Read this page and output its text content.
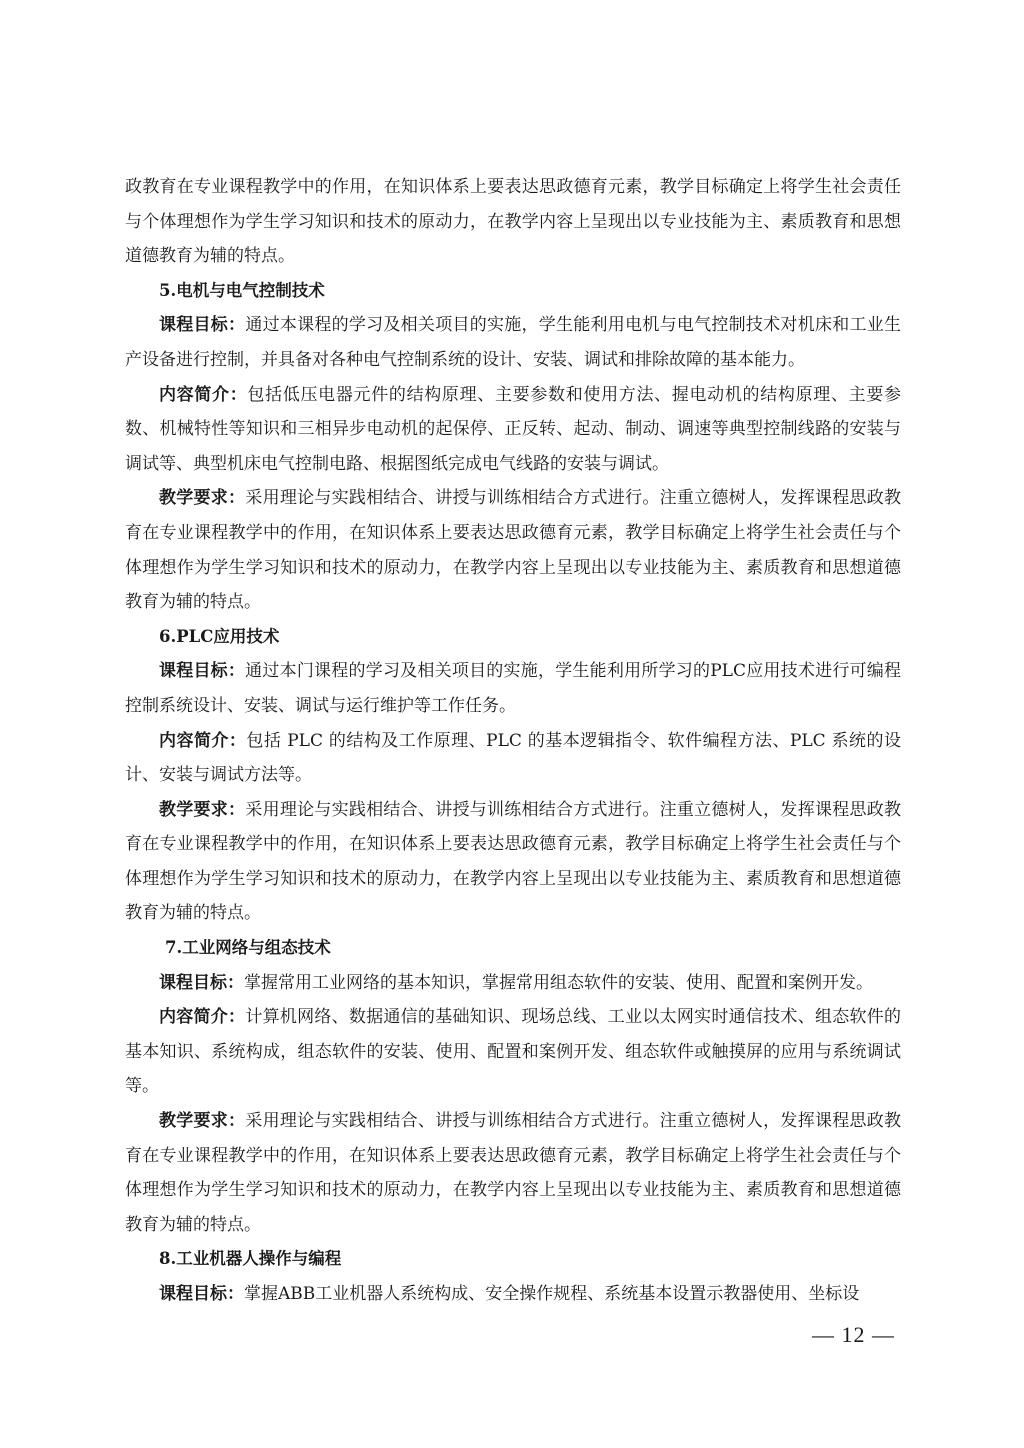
政教育在专业课程教学中的作用，在知识体系上要表达思政德育元素，教学目标确定上将学生社会责任与个体理想作为学生学习知识和技术的原动力，在教学内容上呈现出以专业技能为主、素质教育和思想道德教育为辅的特点。

5.电机与电气控制技术

课程目标：通过本课程的学习及相关项目的实施，学生能利用电机与电气控制技术对机床和工业生产设备进行控制，并具备对各种电气控制系统的设计、安装、调试和排除故障的基本能力。

内容简介：包括低压电器元件的结构原理、主要参数和使用方法、握电动机的结构原理、主要参数、机械特性等知识和三相异步电动机的起保停、正反转、起动、制动、调速等典型控制线路的安装与调试等、典型机床电气控制电路、根据图纸完成电气线路的安装与调试。

教学要求：采用理论与实践相结合、讲授与训练相结合方式进行。注重立德树人，发挥课程思政教育在专业课程教学中的作用，在知识体系上要表达思政德育元素，教学目标确定上将学生社会责任与个体理想作为学生学习知识和技术的原动力，在教学内容上呈现出以专业技能为主、素质教育和思想道德教育为辅的特点。

6.PLC应用技术

课程目标：通过本门课程的学习及相关项目的实施，学生能利用所学习的PLC应用技术进行可编程控制系统设计、安装、调试与运行维护等工作任务。

内容简介：包括 PLC 的结构及工作原理、PLC 的基本逻辑指令、软件编程方法、PLC 系统的设计、安装与调试方法等。

教学要求：采用理论与实践相结合、讲授与训练相结合方式进行。注重立德树人，发挥课程思政教育在专业课程教学中的作用，在知识体系上要表达思政德育元素，教学目标确定上将学生社会责任与个体理想作为学生学习知识和技术的原动力，在教学内容上呈现出以专业技能为主、素质教育和思想道德教育为辅的特点。

7.工业网络与组态技术

课程目标：掌握常用工业网络的基本知识，掌握常用组态软件的安装、使用、配置和案例开发。

内容简介：计算机网络、数据通信的基础知识、现场总线、工业以太网实时通信技术、组态软件的基本知识、系统构成，组态软件的安装、使用、配置和案例开发、组态软件或触摸屏的应用与系统调试等。

教学要求：采用理论与实践相结合、讲授与训练相结合方式进行。注重立德树人，发挥课程思政教育在专业课程教学中的作用，在知识体系上要表达思政德育元素，教学目标确定上将学生社会责任与个体理想作为学生学习知识和技术的原动力，在教学内容上呈现出以专业技能为主、素质教育和思想道德教育为辅的特点。

8.工业机器人操作与编程

课程目标：掌握ABB工业机器人系统构成、安全操作规程、系统基本设置示教器使用、坐标设

— 12 —
